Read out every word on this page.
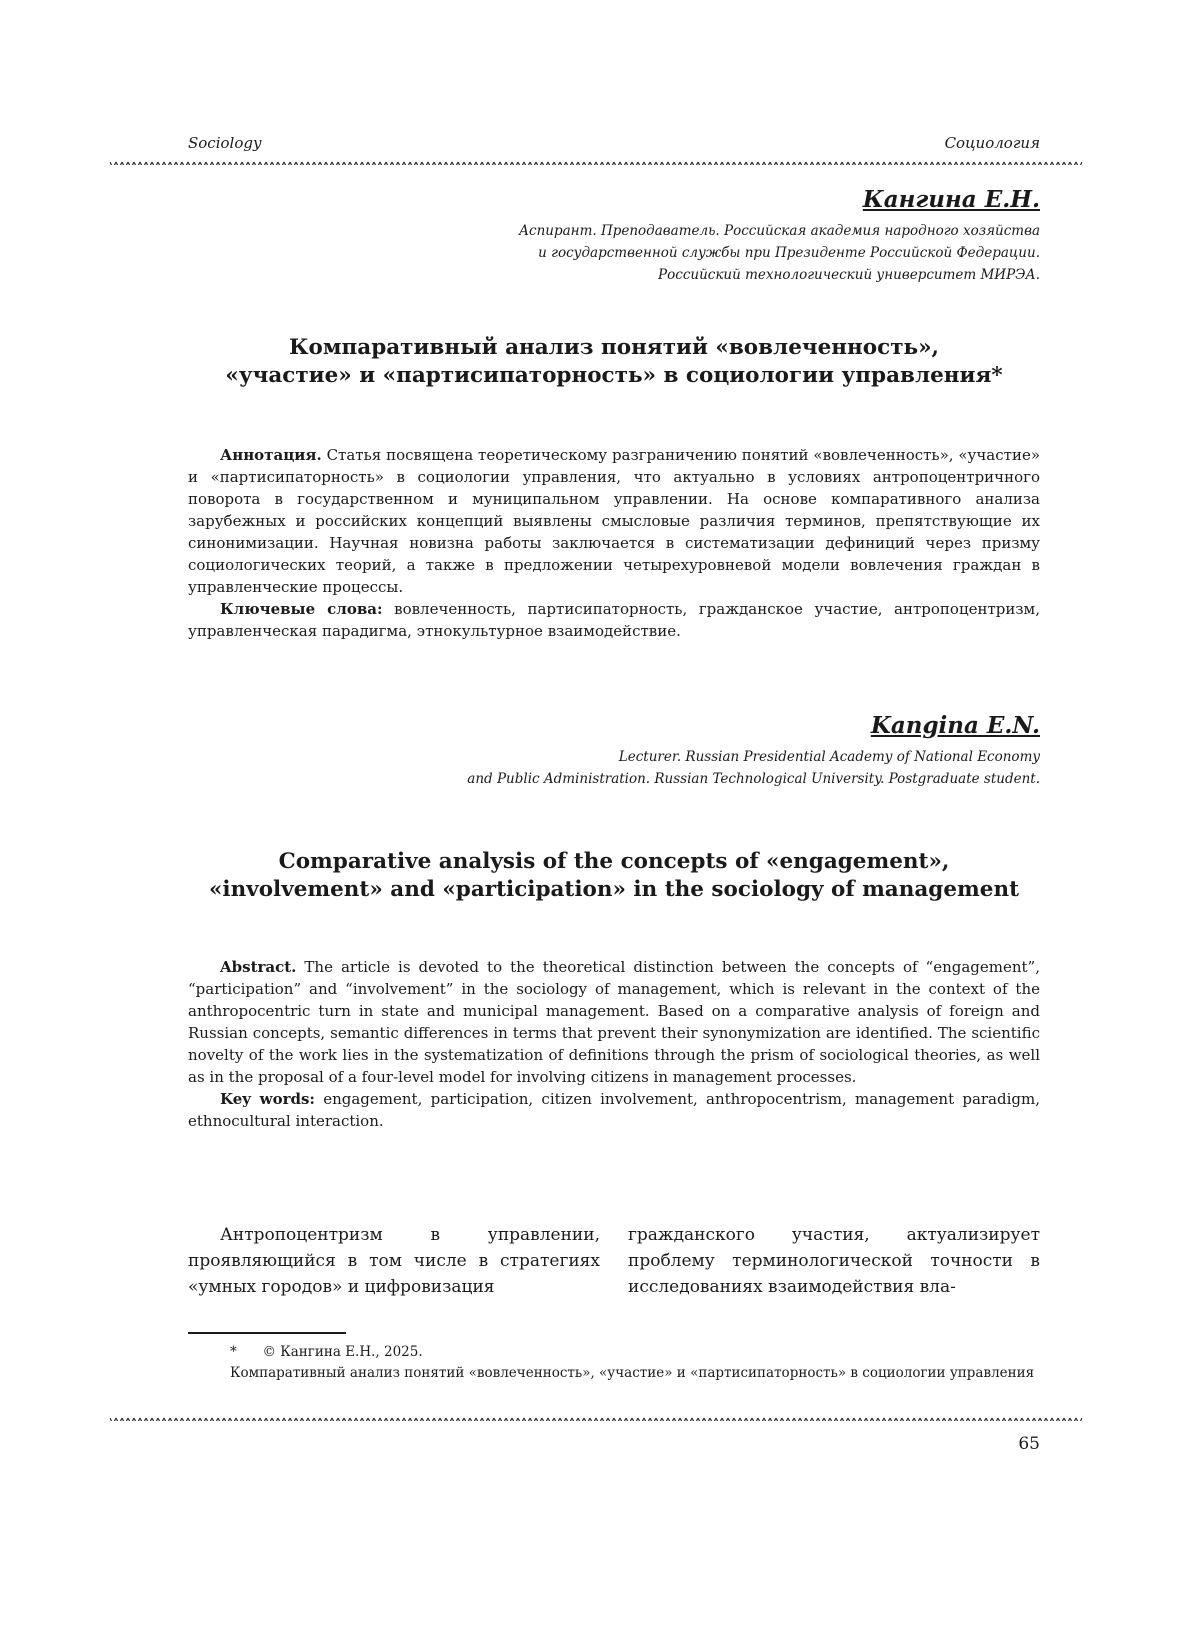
Sociology	Социология
Кангина Е.Н.
Аспирант. Преподаватель. Российская академия народного хозяйства
и государственной службы при Президенте Российской Федерации.
Российский технологический университет МИРЭА.
Компаративный анализ понятий «вовлеченность»,
«участие» и «партисипаторность» в социологии управления*

Аннотация. Статья посвящена теоретическому разграничению понятий «вовлеченность», «участие» и «партисипаторность» в социологии управления, что актуально в условиях антропоцентричного поворота в государственном и муниципальном управлении. На основе компаративного анализа зарубежных и российских концепций выявлены смысловые различия терминов, препятствующие их синонимизации. Научная новизна работы заключается в систематизации дефиниций через призму социологических теорий, а также в предложении четырехуровневой модели вовлечения граждан в управленческие процессы.

Ключевые слова: вовлеченность, партисипаторность, гражданское участие, антропоцентризм, управленческая парадигма, этнокультурное взаимодействие.

Kangina E.N.
Lecturer. Russian Presidential Academy of National Economy
and Public Administration. Russian Technological University. Postgraduate student.
Comparative analysis of the concepts of «engagement»,
«involvement» and «participation» in the sociology of management

Abstract. The article is devoted to the theoretical distinction between the concepts of “engagement”, “participation” and “involvement” in the sociology of management, which is relevant in the context of the anthropocentric turn in state and municipal management. Based on a comparative analysis of foreign and Russian concepts, semantic differences in terms that prevent their synonymization are identified. The scientific novelty of the work lies in the systematization of definitions through the prism of sociological theories, as well as in the proposal of a four-level model for involving citizens in management processes.

Key words: engagement, participation, citizen involvement, anthropocentrism, management paradigm, ethnocultural interaction.

Антропоцентризм в управлении, проявляющийся в том числе в стратегиях «умных городов» и цифровизация

гражданского участия, актуализирует проблему терминологической точности в исследованиях взаимодействия вла-

*      © Кангина Е.Н., 2025.
Компаративный анализ понятий «вовлеченность», «участие» и «партисипаторность» в социологии управления
65
